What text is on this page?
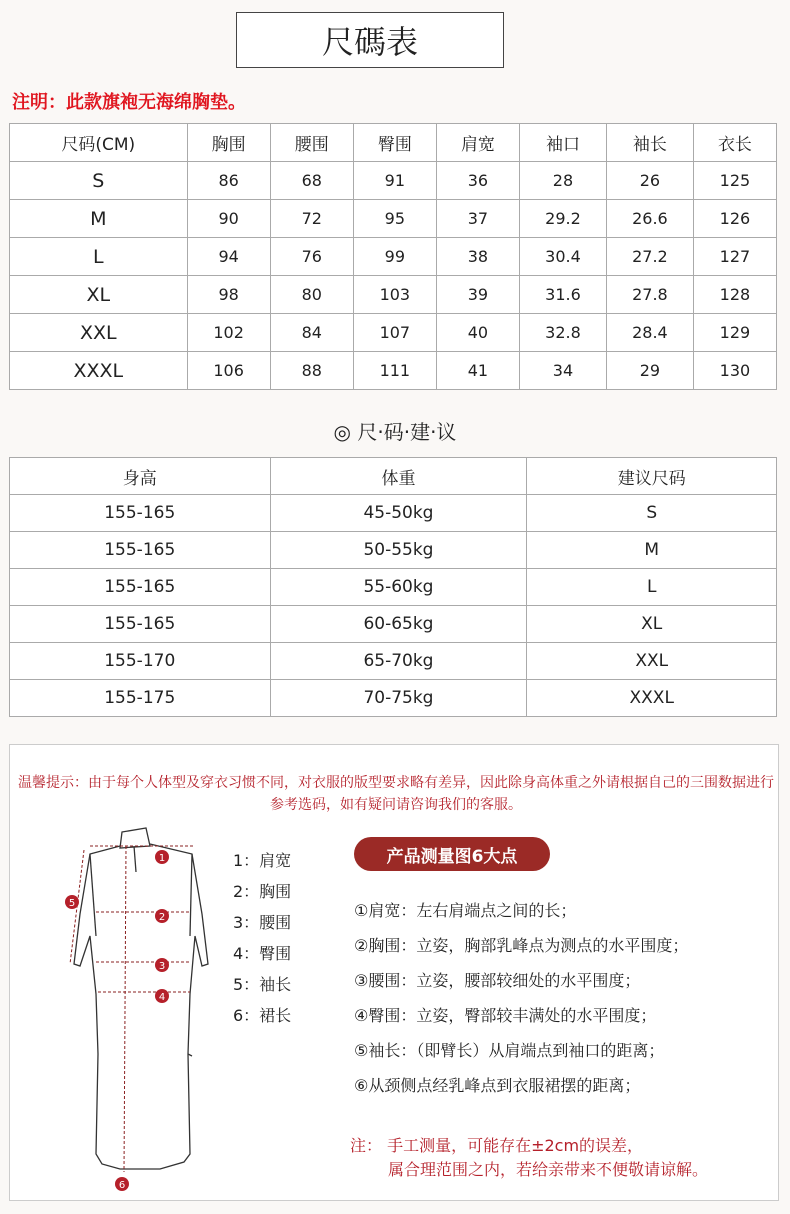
尺碼表
注明：此款旗袍无海绵胸垫。
尺码(CM)	胸围	腰围	臀围	肩宽	袖口	袖长	衣长
S	86	68	91	36	28	26	125
M	90	72	95	37	29.2	26.6	126
L	94	76	99	38	30.4	27.2	127
XL	98	80	103	39	31.6	27.8	128
XXL	102	84	107	40	32.8	28.4	129
XXXL	106	88	111	41	34	29	130
◎ 尺·码·建·议
身高	体重	建议尺码
155-165	45-50kg	S
155-165	50-55kg	M
155-165	55-60kg	L
155-165	60-65kg	XL
155-170	65-70kg	XXL
155-175	70-75kg	XXXL
温馨提示：由于每个人体型及穿衣习惯不同，对衣服的版型要求略有差异，因此除身高体重之外请根据自己的三围数据进行参考选码，如有疑问请咨询我们的客服。
1
2
3
4
5
6
1：肩宽
2：胸围
3：腰围
4：臀围
5：袖长
6：裙长
产品测量图6大点
①肩宽：左右肩端点之间的长；
②胸围：立姿，胸部乳峰点为测点的水平围度；
③腰围：立姿，腰部较细处的水平围度；
④臀围：立姿，臀部较丰满处的水平围度；
⑤袖长：（即臂长）从肩端点到袖口的距离；
⑥从颈侧点经乳峰点到衣服裙摆的距离；
注： 手工测量，可能存在±2cm的误差，
属合理范围之内，若给亲带来不便敬请谅解。
